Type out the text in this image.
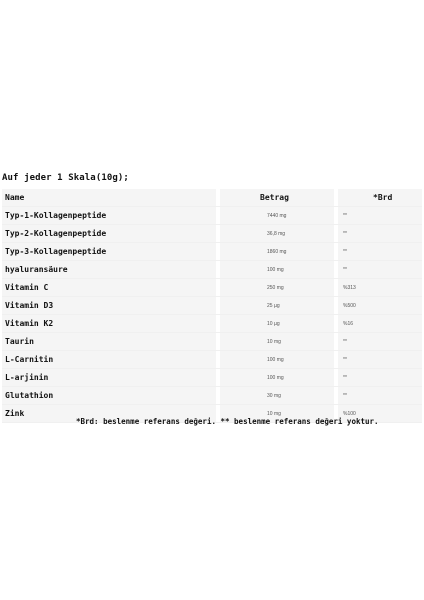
Auf jeder 1 Skala(10g);
Name	Betrag	*Brd
Typ-1-Kollagenpeptide	7440 mg	**
Typ-2-Kollagenpeptide	36,8 mg	**
Typ-3-Kollagenpeptide	1860 mg	**
hyaluransäure	100 mg	**
Vitamin C	250 mg	%313
Vitamin D3	25 µg	%500
Vitamin K2	10 µg	%16
Taurin	10 mg	**
L-Carnitin	100 mg	**
L-arjinin	100 mg	**
Glutathion	30 mg	**
Zink	10 mg	%100
*Brd: beslenme referans değeri. ** beslenme referans değeri yoktur.
